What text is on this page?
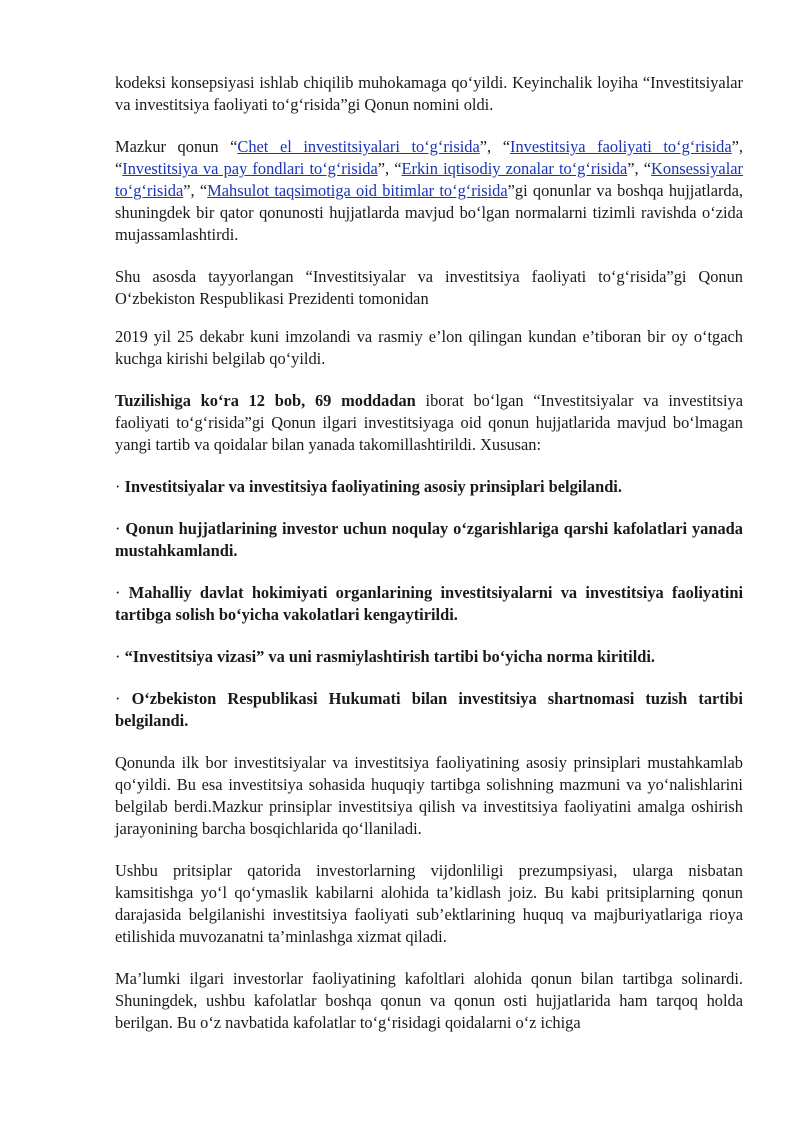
kodeksi konsepsiyasi ishlab chiqilib muhokamaga qo‘yildi. Keyinchalik loyiha “Investitsiyalar va investitsiya faoliyati to‘g‘risida”gi Qonun nomini oldi.

Mazkur qonun “Chet el investitsiyalari to‘g‘risida”, “Investitsiya faoliyati to‘g‘risida”, “Investitsiya va pay fondlari to‘g‘risida”, “Erkin iqtisodiy zonalar to‘g‘risida”, “Konsessiyalar to‘g‘risida”, “Mahsulot taqsimotiga oid bitimlar to‘g‘risida”gi qonunlar va boshqa hujjatlarda, shuningdek bir qator qonunosti hujjatlarda mavjud bo‘lgan normalarni tizimli ravishda o‘zida mujassamlashtirdi.

Shu asosda tayyorlangan “Investitsiyalar va investitsiya faoliyati to‘g‘risida”gi Qonun O‘zbekiston Respublikasi Prezidenti tomonidan

2019 yil 25 dekabr kuni imzolandi va rasmiy e’lon qilingan kundan e’tiboran bir oy o‘tgach kuchga kirishi belgilab qo‘yildi.

Tuzilishiga ko‘ra 12 bob, 69 moddadan iborat bo‘lgan “Investitsiyalar va investitsiya faoliyati to‘g‘risida”gi Qonun ilgari investitsiyaga oid qonun hujjatlarida mavjud bo‘lmagan yangi tartib va qoidalar bilan yanada takomillashtirildi. Xususan:

· Investitsiyalar va investitsiya faoliyatining asosiy prinsiplari belgilandi.

· Qonun hujjatlarining investor uchun noqulay o‘zgarishlariga qarshi kafolatlari yanada mustahkamlandi.

· Mahalliy davlat hokimiyati organlarining investitsiyalarni va investitsiya faoliyatini tartibga solish bo‘yicha vakolatlari kengaytirildi.

· “Investitsiya vizasi” va uni rasmiylashtirish tartibi bo‘yicha norma kiritildi.

· O‘zbekiston Respublikasi Hukumati bilan investitsiya shartnomasi tuzish tartibi belgilandi.

Qonunda ilk bor investitsiyalar va investitsiya faoliyatining asosiy prinsiplari mustahkamlab qo‘yildi. Bu esa investitsiya sohasida huquqiy tartibga solishning mazmuni va yo‘nalishlarini belgilab berdi.Mazkur prinsiplar investitsiya qilish va investitsiya faoliyatini amalga oshirish jarayonining barcha bosqichlarida qo‘llaniladi.

Ushbu pritsiplar qatorida investorlarning vijdonliligi prezumpsiyasi, ularga nisbatan kamsitishga yo‘l qo‘ymaslik kabilarni alohida ta’kidlash joiz. Bu kabi pritsiplarning qonun darajasida belgilanishi investitsiya faoliyati sub’ektlarining huquq va majburiyatlariga rioya etilishida muvozanatni ta’minlashga xizmat qiladi.

Ma’lumki ilgari investorlar faoliyatining kafoltlari alohida qonun bilan tartibga solinardi. Shuningdek, ushbu kafolatlar boshqa qonun va qonun osti hujjatlarida ham tarqoq holda berilgan. Bu o‘z navbatida kafolatlar to‘g‘risidagi qoidalarni o‘z ichiga
